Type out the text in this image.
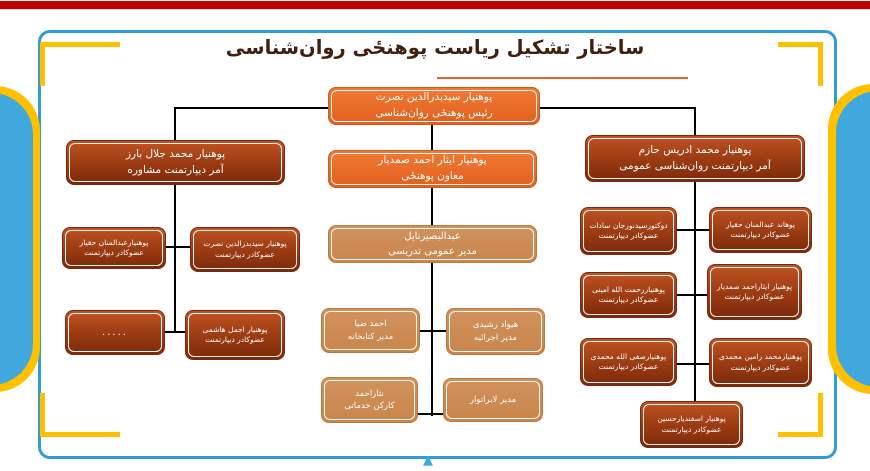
ساختار تشکیل ریاست پوهنځی روان‌شناسی
پوهنیار سیدبدرالدین نصرت
رئیس پوهنځی روان‌شناسی
پوهنیار محمد جلال بارز
آمر دیپارتمنت مشاوره
پوهنیار ایثار احمد صمدیار
معاون پوهنځی
پوهنیار محمد ادریس حازم
آمر دیپارتمنت روان‌شناسی عمومی
عبدالبصیرنایل
مدیر عمومی تدریسی
پوهنیارعبدالمنان حقیار
عضوکادر دیپارتمنت
پوهنیار سیدبدرالدین نصرت
عضوکادر دیپارتمنت
.....	پوهنیار اجمل هاشمی
عضوکادر دیپارتمنت
احمد ضیا
مدیر کتابخانه
هیواد رشیدی
مدیر اجرائیه
نثاراحمد
کارکن خدماتی
مدیر لابراتوار
دوکتورسیدنورجان سادات
عضوکادر دیپارتمنت
پوهاند عبدالمنان حقیار
عضوکادر دیپارتمنت
پوهنیاررحمت الله امینی
عضوکادر دیپارتمنت
پوهنیار ایثاراحمد صمدیار
عضوکادر دیپارتمنت
پوهنیارصفی الله محمدی
عضوکادر دیپارتمنت
پوهنیارمحمد رامین محمدی
عضوکادر دیپارتمنت
پوهنیار اسفندیارحسین
عضوکادر دیپارتمنت
▲
